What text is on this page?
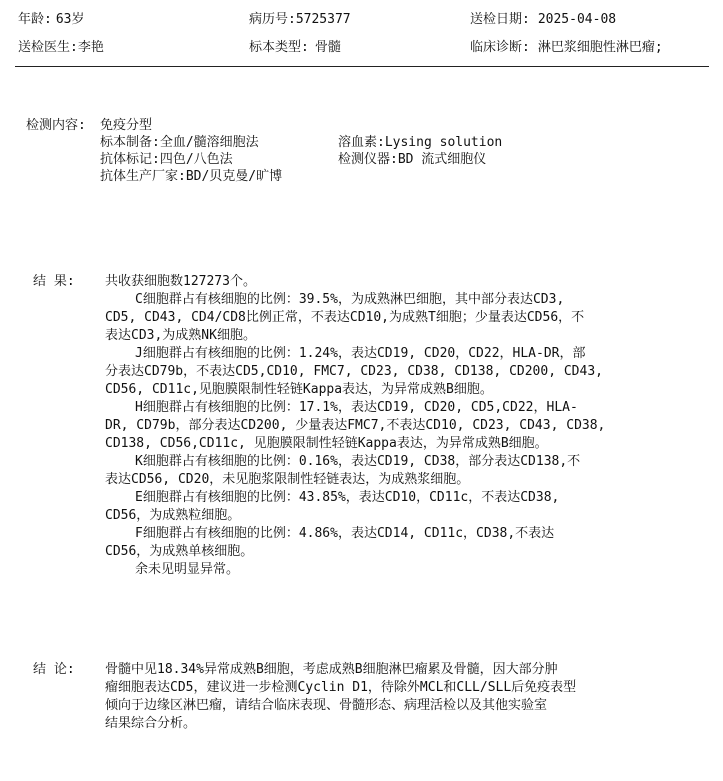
年龄: 63岁	病历号:5725377	送检日期: 2025-04-08
送检医生:李艳	标本类型: 骨髓	临床诊断: 淋巴浆细胞性淋巴瘤;
检测内容: 免疫分型
标本制备:全血/髓溶细胞法	溶血素:Lysing solution
抗体标记:四色/八色法	检测仪器:BD 流式细胞仪
抗体生产厂家:BD/贝克曼/旷博
结 果: 共收获细胞数127273个。
C细胞群占有核细胞的比例：39.5%，为成熟淋巴细胞，其中部分表达CD3,
CD5, CD43, CD4/CD8比例正常，不表达CD10,为成熟T细胞；少量表达CD56，不
表达CD3,为成熟NK细胞。
J细胞群占有核细胞的比例：1.24%，表达CD19, CD20，CD22，HLA-DR，部
分表达CD79b，不表达CD5,CD10, FMC7, CD23, CD38, CD138, CD200, CD43,
CD56, CD11c,见胞膜限制性轻链Kappa表达，为异常成熟B细胞。
H细胞群占有核细胞的比例：17.1%，表达CD19, CD20, CD5,CD22，HLA-
DR, CD79b，部分表达CD200, 少量表达FMC7,不表达CD10, CD23, CD43, CD38,
CD138, CD56,CD11c, 见胞膜限制性轻链Kappa表达，为异常成熟B细胞。
K细胞群占有核细胞的比例：0.16%，表达CD19, CD38，部分表达CD138,不
表达CD56, CD20，未见胞浆限制性轻链表达，为成熟浆细胞。
E细胞群占有核细胞的比例：43.85%，表达CD10，CD11c，不表达CD38,
CD56，为成熟粒细胞。
F细胞群占有核细胞的比例：4.86%，表达CD14, CD11c，CD38,不表达
CD56，为成熟单核细胞。
余未见明显异常。
结 论: 骨髓中见18.34%异常成熟B细胞，考虑成熟B细胞淋巴瘤累及骨髓，因大部分肿
瘤细胞表达CD5，建议进一步检测Cyclin D1，待除外MCL和CLL/SLL后免疫表型
倾向于边缘区淋巴瘤，请结合临床表现、骨髓形态、病理活检以及其他实验室
结果综合分析。
